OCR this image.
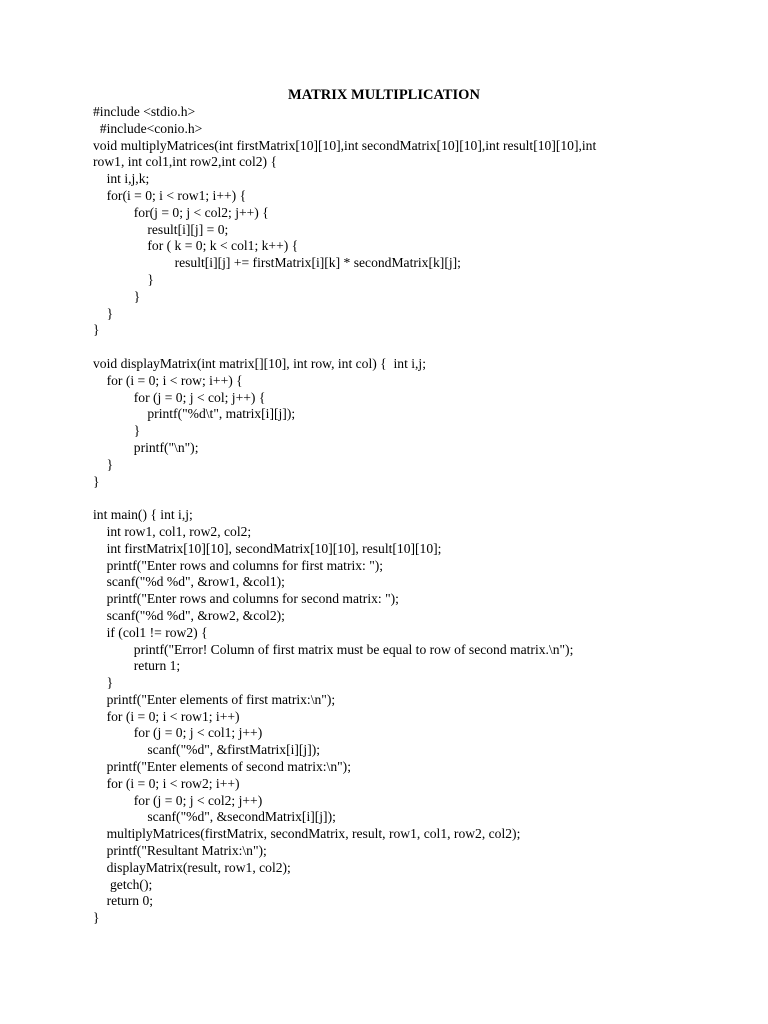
MATRIX MULTIPLICATION
#include <stdio.h>
#include<conio.h>
void multiplyMatrices(int firstMatrix[10][10],int secondMatrix[10][10],int result[10][10],int
row1, int col1,int row2,int col2) {
int i,j,k;
for(i = 0; i < row1; i++) {
for(j = 0; j < col2; j++) {
result[i][j] = 0;
for ( k = 0; k < col1; k++) {
result[i][j] += firstMatrix[i][k] * secondMatrix[k][j];
}
}
}
}
void displayMatrix(int matrix[][10], int row, int col) {  int i,j;
for (i = 0; i < row; i++) {
for (j = 0; j < col; j++) {
printf("%d\t", matrix[i][j]);
}
printf("\n");
}
}
int main() { int i,j;
int row1, col1, row2, col2;
int firstMatrix[10][10], secondMatrix[10][10], result[10][10];
printf("Enter rows and columns for first matrix: ");
scanf("%d %d", &row1, &col1);
printf("Enter rows and columns for second matrix: ");
scanf("%d %d", &row2, &col2);
if (col1 != row2) {
printf("Error! Column of first matrix must be equal to row of second matrix.\n");
return 1;
}
printf("Enter elements of first matrix:\n");
for (i = 0; i < row1; i++)
for (j = 0; j < col1; j++)
scanf("%d", &firstMatrix[i][j]);
printf("Enter elements of second matrix:\n");
for (i = 0; i < row2; i++)
for (j = 0; j < col2; j++)
scanf("%d", &secondMatrix[i][j]);
multiplyMatrices(firstMatrix, secondMatrix, result, row1, col1, row2, col2);
printf("Resultant Matrix:\n");
displayMatrix(result, row1, col2);
getch();
return 0;
}
